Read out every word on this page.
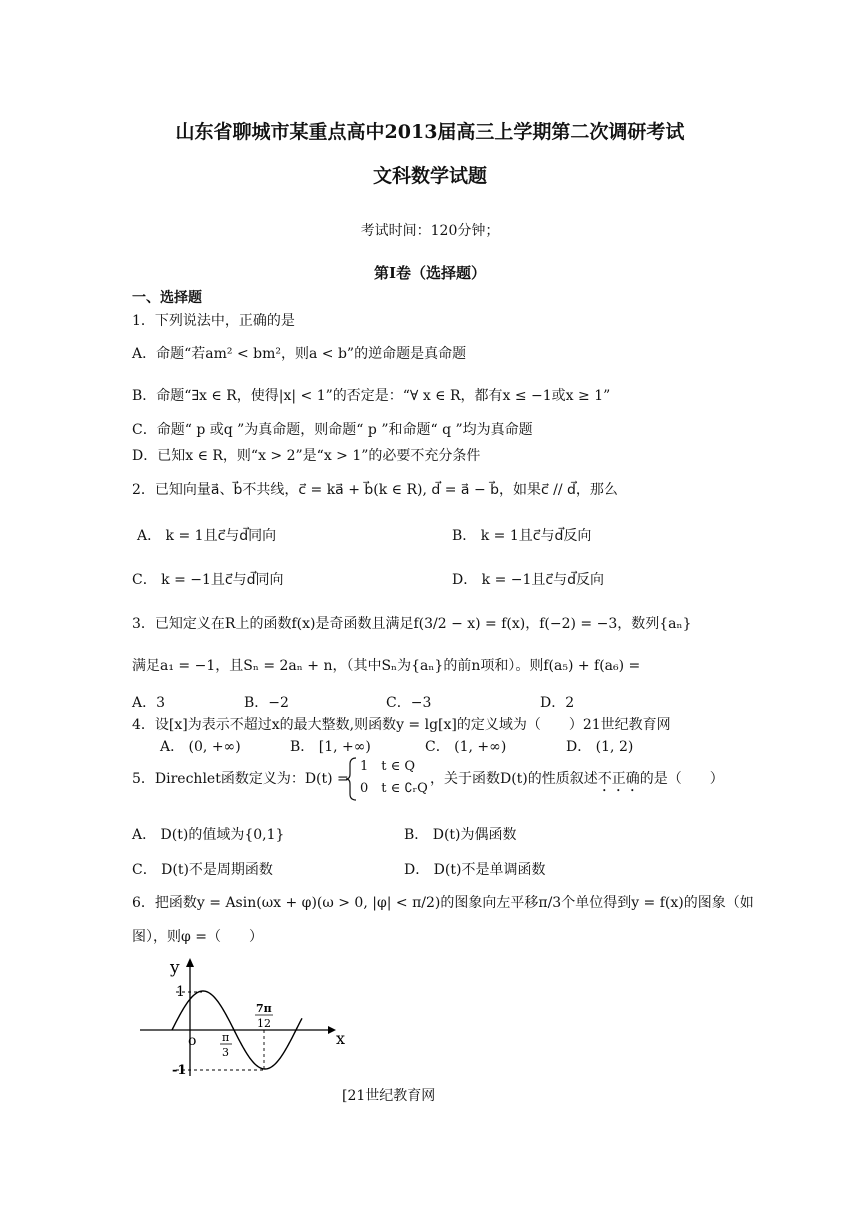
山东省聊城市某重点高中2013届高三上学期第二次调研考试
文科数学试题
考试时间：120分钟；
第Ⅰ卷（选择题）
一、选择题
1．下列说法中，正确的是
A．命题“若am² < bm²，则a < b”的逆命题是真命题
B．命题“∃x ∈ R，使得|x| < 1”的否定是：“∀ x ∈ R，都有x ≤ −1或x ≥ 1”
C．命题“ p 或q ”为真命题，则命题“ p ”和命题“ q ”均为真命题
D．已知x ∈ R，则“x > 2”是“x > 1”的必要不充分条件
2．已知向量a⃗、b⃗不共线，c⃗ = ka⃗ + b⃗(k ∈ R), d⃗ = a⃗ − b⃗，如果c⃗ // d⃗，那么
A． k = 1且c⃗与d⃗同向	B． k = 1且c⃗与d⃗反向
C． k = −1且c⃗与d⃗同向	D． k = −1且c⃗与d⃗反向
3．已知定义在R上的函数f(x)是奇函数且满足f(3/2 − x) = f(x)，f(−2) = −3，数列{aₙ}
满足a₁ = −1，且Sₙ = 2aₙ + n，（其中Sₙ为{aₙ}的前n项和）。则f(a₅) + f(a₆) =
A．3	B．−2	C．−3	D．2
4．设[x]为表示不超过x的最大整数,则函数y = lg[x]的定义域为（　　）21世纪教育网
A． (0, +∞)	B． [1, +∞)	C． (1, +∞)	D． (1, 2)
5．Direchlet函数定义为：D(t) =
1　t ∈ Q
0　t ∈ ∁ᵣQ
，关于函数D(t)的性质叙述不正确的是（　　）
A． D(t)的值域为{0,1}	B． D(t)为偶函数
C． D(t)不是周期函数	D． D(t)不是单调函数
6．把函数y = Asin(ωx + φ)(ω > 0, |φ| < π/2)的图象向左平移π/3个单位得到y = f(x)的图象（如
图），则φ =（　　）
y
x
1
-1
o π
3
7π
12
[21世纪教育网
